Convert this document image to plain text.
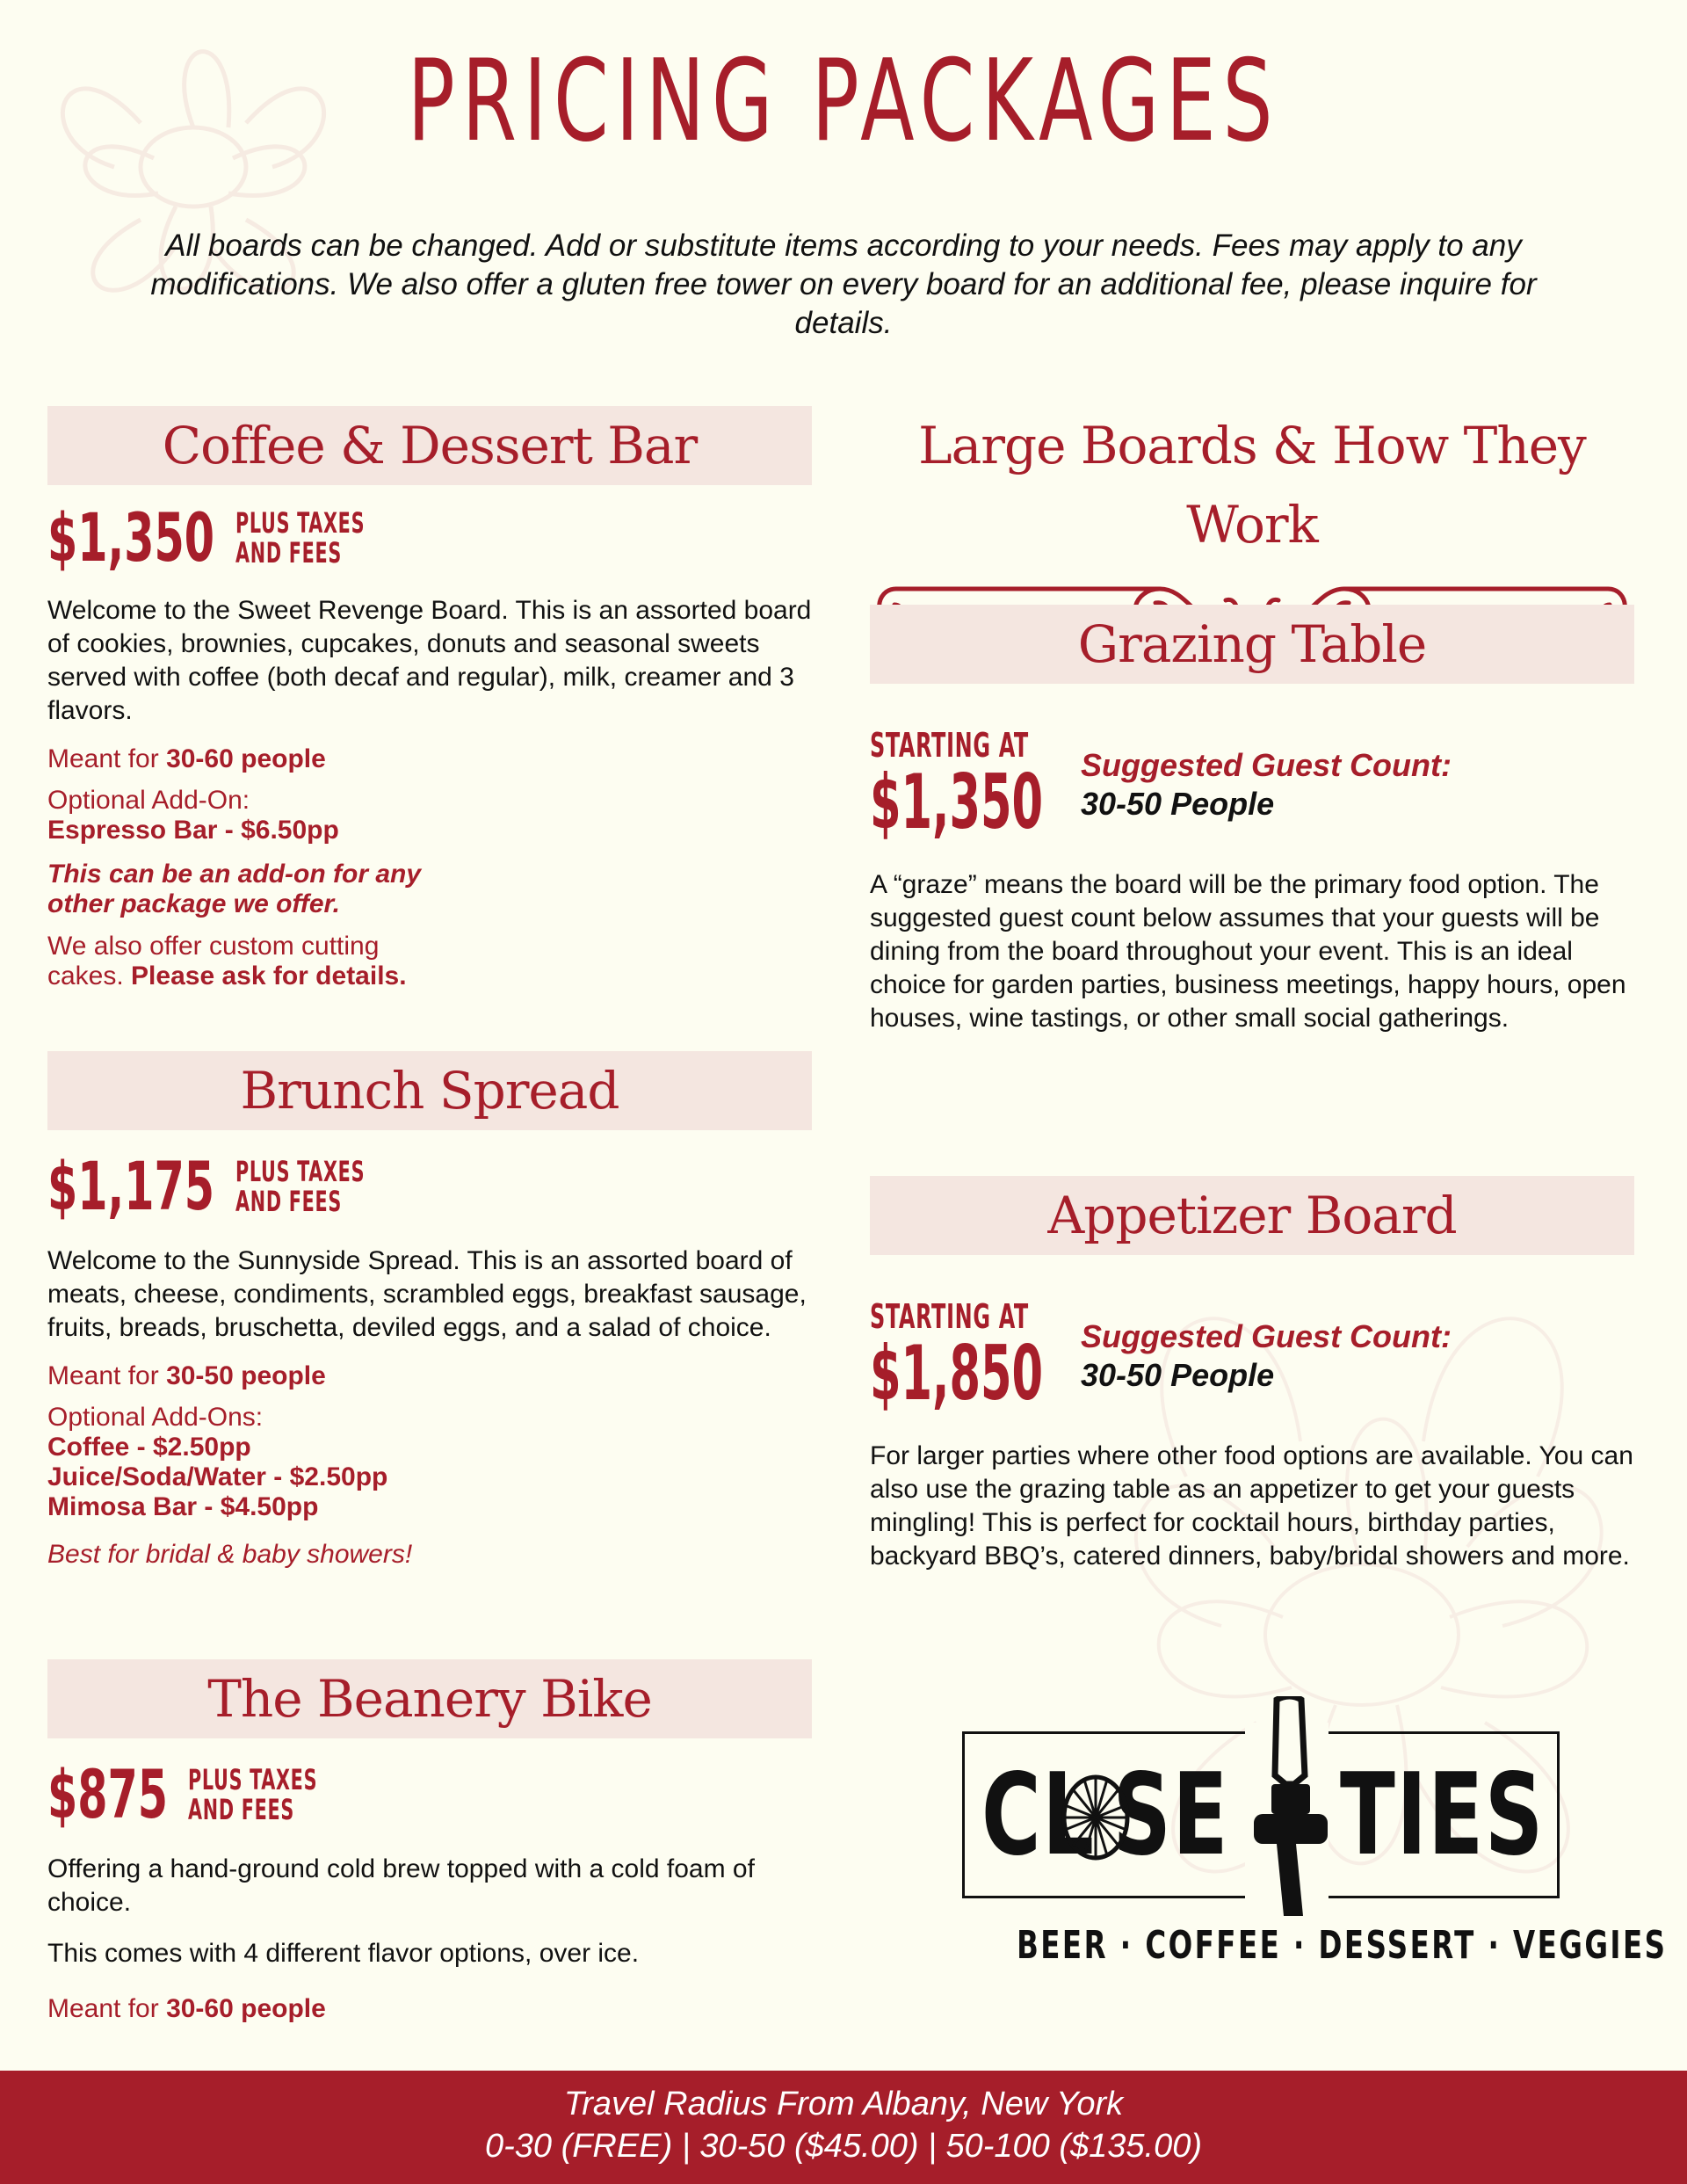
PRICING PACKAGES

All boards can be changed. Add or substitute items according to your needs. Fees may apply to any modifications. We also offer a gluten free tower on every board for an additional fee, please inquire for details.

Coffee & Dessert Bar
$1,350 PLUS TAXES
AND FEES

Welcome to the Sweet Revenge Board. This is an assorted board of cookies, brownies, cupcakes, donuts and seasonal sweets served with coffee (both decaf and regular), milk, creamer and 3 flavors.

Meant for 30-60 people

Optional Add-On:
Espresso Bar - $6.50pp
This can be an add-on for any
other package we offer.
We also offer custom cutting
cakes. Please ask for details.
Brunch Spread
$1,175 PLUS TAXES
AND FEES

Welcome to the Sunnyside Spread. This is an assorted board of meats, cheese, condiments, scrambled eggs, breakfast sausage, fruits, breads, bruschetta, deviled eggs, and a salad of choice.

Meant for 30-50 people

Optional Add-Ons:
Coffee - $2.50pp
Juice/Soda/Water - $2.50pp
Mimosa Bar - $4.50pp

Best for bridal & baby showers!

The Beanery Bike
$875 PLUS TAXES
AND FEES

Offering a hand-ground cold brew topped with a cold foam of choice.

This comes with 4 different flavor options, over ice.

Meant for 30-60 people

Large Boards & How They Work
Grazing Table
STARTING AT $1,350	Suggested Guest Count:
30-50 People

A “graze” means the board will be the primary food option. The suggested guest count below assumes that your guests will be dining from the board throughout your event. This is an ideal choice for garden parties, business meetings, happy hours, open houses, wine tastings, or other small social gatherings.

Appetizer Board
STARTING AT $1,850	Suggested Guest Count:
30-50 People

For larger parties where other food options are available. You can also use the grazing table as an appetizer to get your guests mingling! This is perfect for cocktail hours, birthday parties, backyard BBQ’s, catered dinners, baby/bridal showers and more.

CL SE TIES
BEER · COFFEE · DESSERT · VEGGIES
Travel Radius From Albany, New York
0-30 (FREE) | 30-50 ($45.00) | 50-100 ($135.00)
